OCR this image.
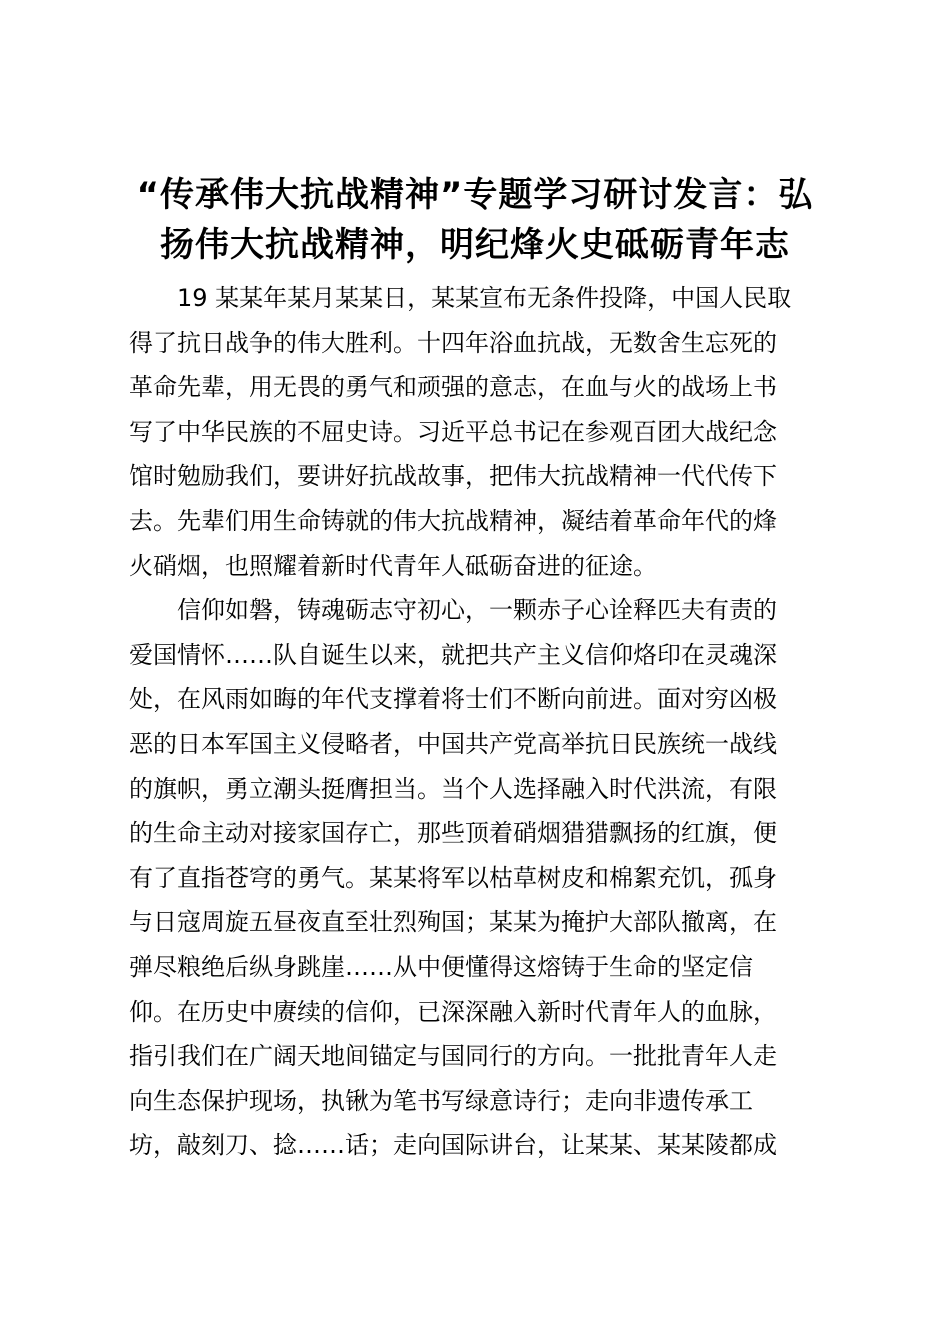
“传承伟大抗战精神”专题学习研讨发言：弘
扬伟大抗战精神，明纪烽火史砥砺青年志
19 某某年某月某某日，某某宣布无条件投降，中国人民取
得了抗日战争的伟大胜利。十四年浴血抗战，无数舍生忘死的
革命先辈，用无畏的勇气和顽强的意志，在血与火的战场上书
写了中华民族的不屈史诗。习近平总书记在参观百团大战纪念
馆时勉励我们，要讲好抗战故事，把伟大抗战精神一代代传下
去。先辈们用生命铸就的伟大抗战精神，凝结着革命年代的烽
火硝烟，也照耀着新时代青年人砥砺奋进的征途。
信仰如磐，铸魂砺志守初心，一颗赤子心诠释匹夫有责的
爱国情怀……队自诞生以来，就把共产主义信仰烙印在灵魂深
处，在风雨如晦的年代支撑着将士们不断向前进。面对穷凶极
恶的日本军国主义侵略者，中国共产党高举抗日民族统一战线
的旗帜，勇立潮头挺膺担当。当个人选择融入时代洪流，有限
的生命主动对接家国存亡，那些顶着硝烟猎猎飘扬的红旗，便
有了直指苍穹的勇气。某某将军以枯草树皮和棉絮充饥，孤身
与日寇周旋五昼夜直至壮烈殉国；某某为掩护大部队撤离，在
弹尽粮绝后纵身跳崖……从中便懂得这熔铸于生命的坚定信
仰。在历史中赓续的信仰，已深深融入新时代青年人的血脉，
指引我们在广阔天地间锚定与国同行的方向。一批批青年人走
向生态保护现场，执锹为笔书写绿意诗行；走向非遗传承工
坊，敲刻刀、捻……话；走向国际讲台，让某某、某某陵都成
